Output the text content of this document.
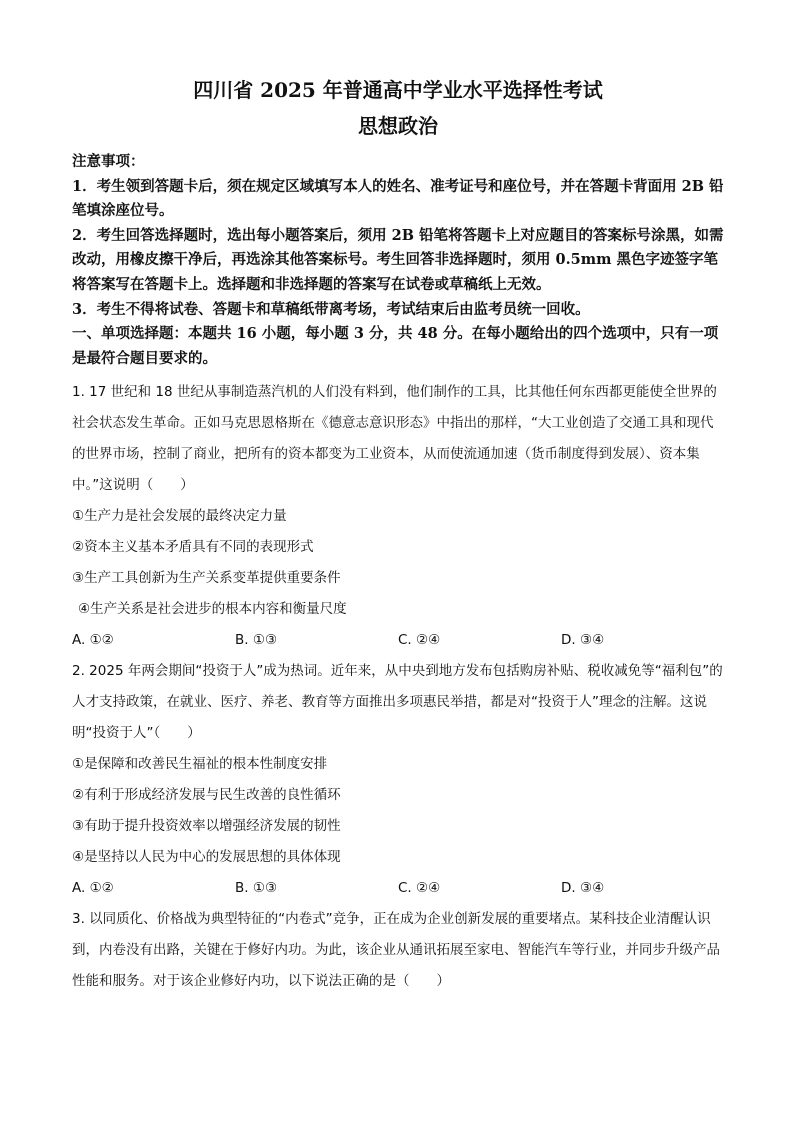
四川省 2025 年普通高中学业水平选择性考试
思想政治

注意事项：

1．考生领到答题卡后，须在规定区域填写本人的姓名、准考证号和座位号，并在答题卡背面用 2B 铅笔填涂座位号。

2．考生回答选择题时，选出每小题答案后，须用 2B 铅笔将答题卡上对应题目的答案标号涂黑，如需改动，用橡皮擦干净后，再选涂其他答案标号。考生回答非选择题时，须用 0.5mm 黑色字迹签字笔将答案写在答题卡上。选择题和非选择题的答案写在试卷或草稿纸上无效。

3．考生不得将试卷、答题卡和草稿纸带离考场，考试结束后由监考员统一回收。

一、单项选择题：本题共 16 小题，每小题 3 分，共 48 分。在每小题给出的四个选项中，只有一项是最符合题目要求的。

1. 17 世纪和 18 世纪从事制造蒸汽机的人们没有料到，他们制作的工具，比其他任何东西都更能使全世界的社会状态发生革命。正如马克思恩格斯在《德意志意识形态》中指出的那样，“大工业创造了交通工具和现代的世界市场，控制了商业，把所有的资本都变为工业资本，从而使流通加速（货币制度得到发展）、资本集中。”这说明（　　）

①生产力是社会发展的最终决定力量

②资本主义基本矛盾具有不同的表现形式

③生产工具创新为生产关系变革提供重要条件

④生产关系是社会进步的根本内容和衡量尺度

A. ①②	B. ①③	C. ②④	D. ③④

2. 2025 年两会期间“投资于人”成为热词。近年来，从中央到地方发布包括购房补贴、税收减免等“福利包”的人才支持政策，在就业、医疗、养老、教育等方面推出多项惠民举措，都是对“投资于人”理念的注解。这说明“投资于人”（　　）

①是保障和改善民生福祉的根本性制度安排

②有利于形成经济发展与民生改善的良性循环

③有助于提升投资效率以增强经济发展的韧性

④是坚持以人民为中心的发展思想的具体体现

A. ①②	B. ①③	C. ②④	D. ③④

3. 以同质化、价格战为典型特征的“内卷式”竞争，正在成为企业创新发展的重要堵点。某科技企业清醒认识到，内卷没有出路，关键在于修好内功。为此，该企业从通讯拓展至家电、智能汽车等行业，并同步升级产品性能和服务。对于该企业修好内功，以下说法正确的是（　　）
